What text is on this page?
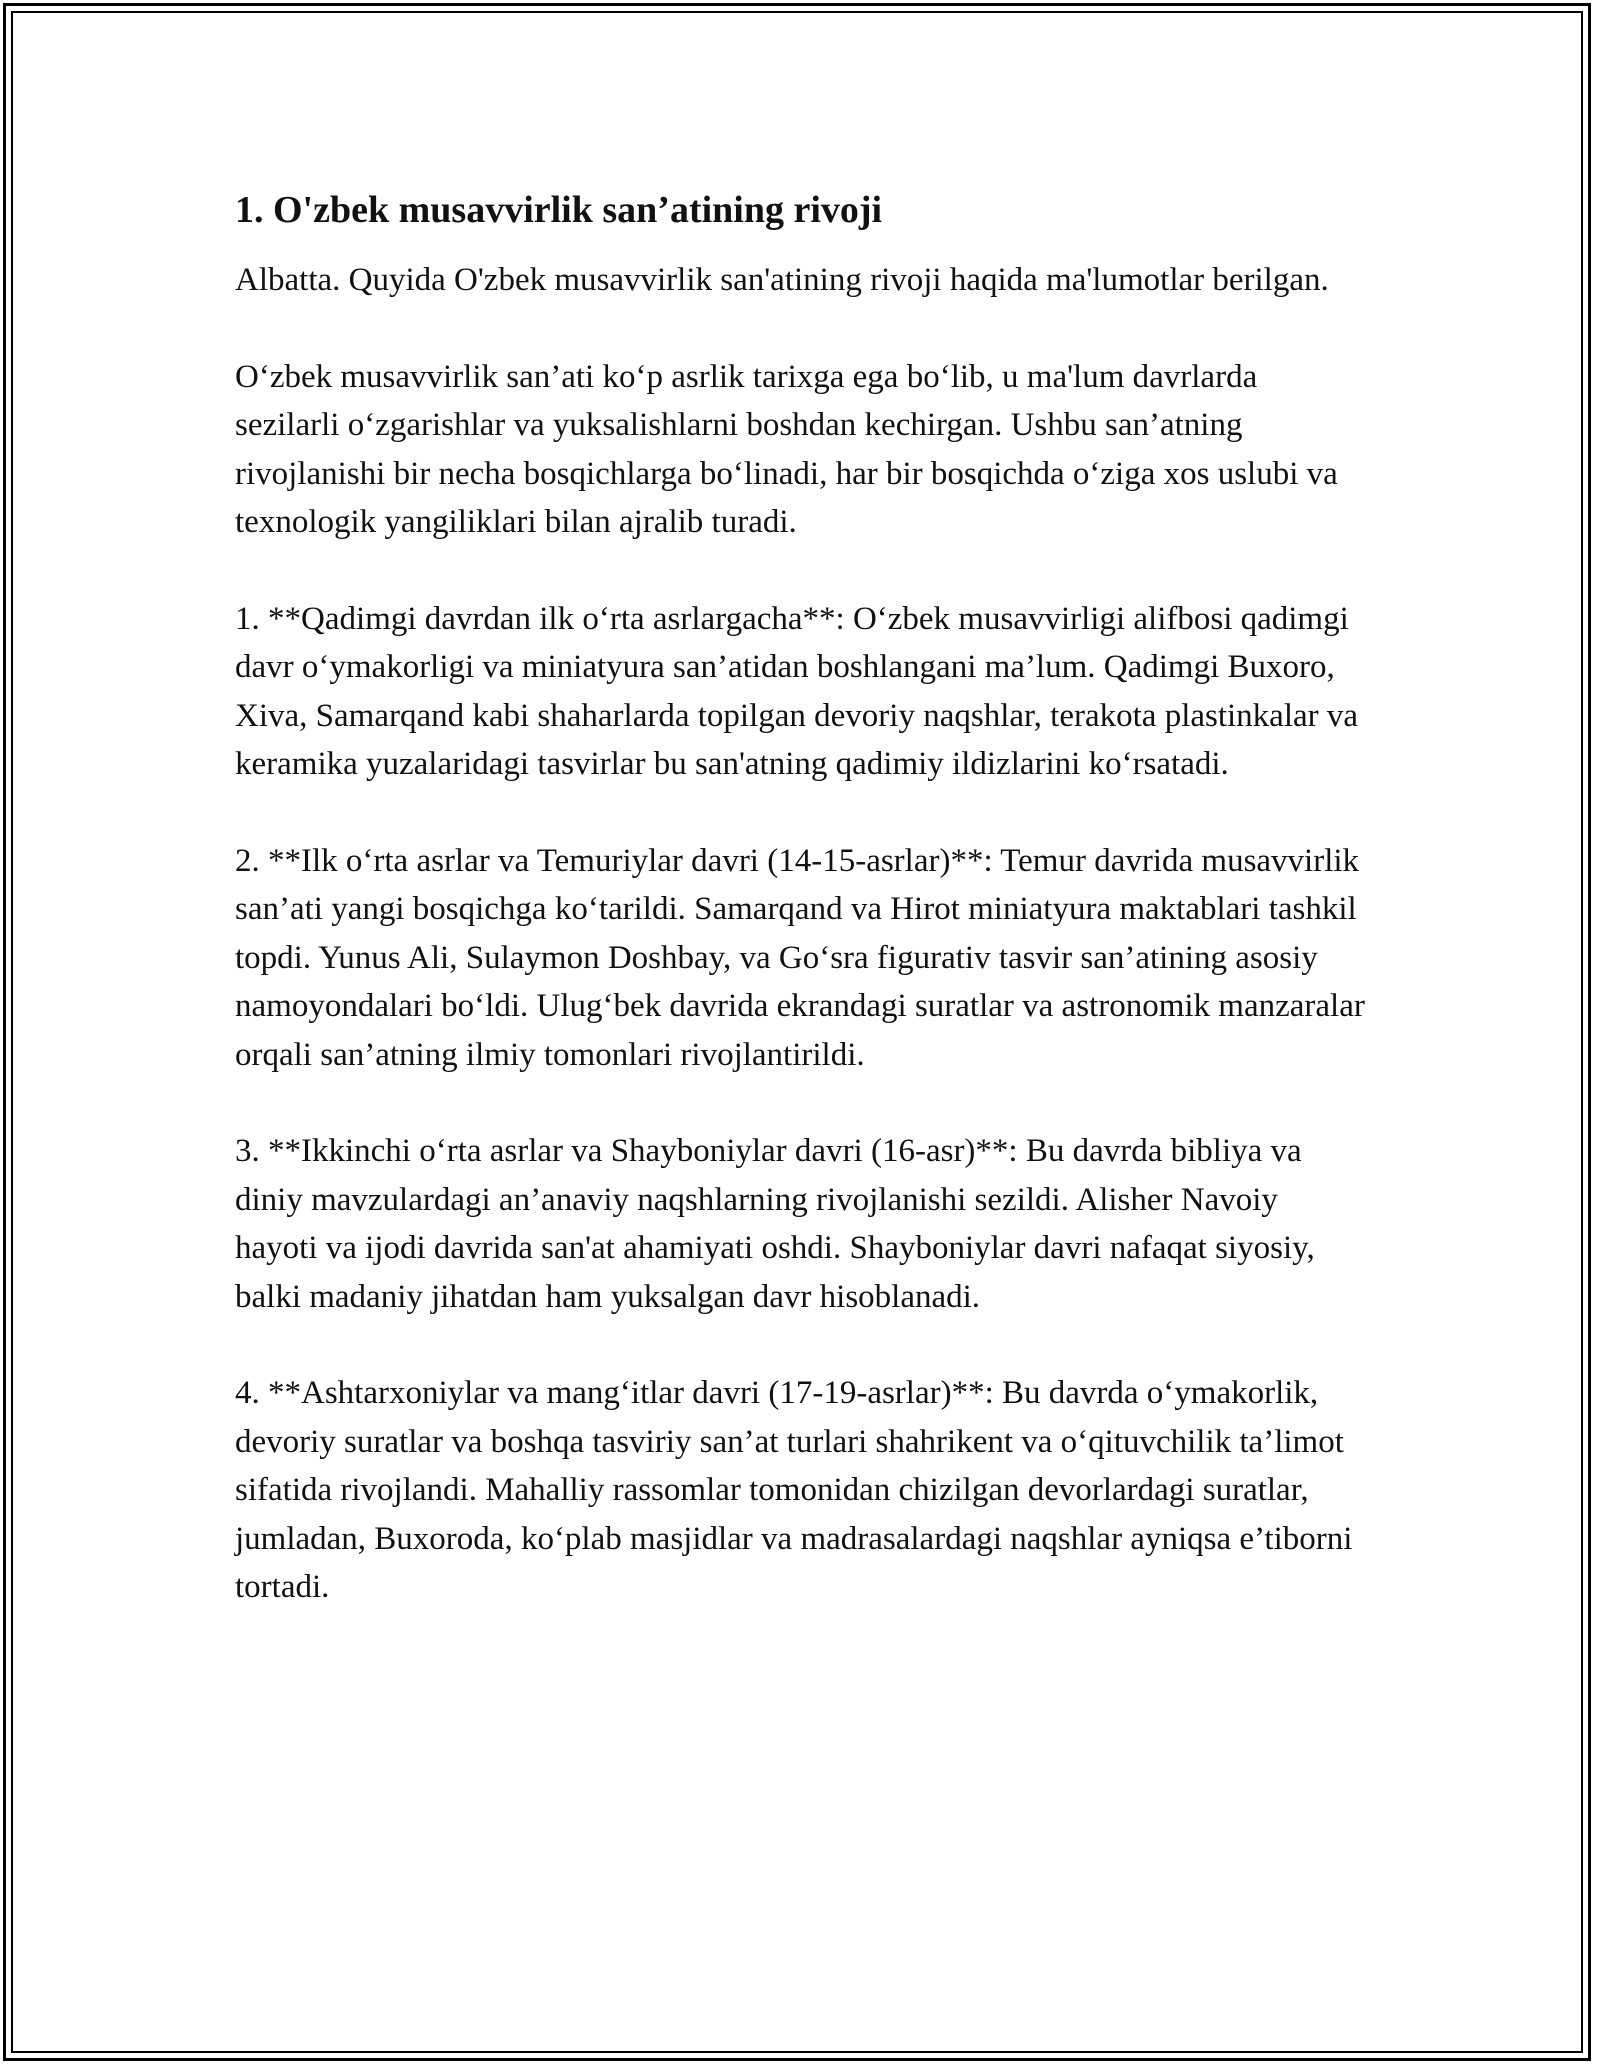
1. O'zbek musavvirlik san’atining rivoji

Albatta. Quyida O'zbek musavvirlik san'atining rivoji haqida ma'lumotlar berilgan.

O‘zbek musavvirlik san’ati ko‘p asrlik tarixga ega bo‘lib, u ma'lum davrlarda sezilarli o‘zgarishlar va yuksalishlarni boshdan kechirgan. Ushbu san’atning rivojlanishi bir necha bosqichlarga bo‘linadi, har bir bosqichda o‘ziga xos uslubi va texnologik yangiliklari bilan ajralib turadi.

1. **Qadimgi davrdan ilk o‘rta asrlargacha**: O‘zbek musavvirligi alifbosi qadimgi davr o‘ymakorligi va miniatyura san’atidan boshlangani ma’lum. Qadimgi Buxoro, Xiva, Samarqand kabi shaharlarda topilgan devoriy naqshlar, terakota plastinkalar va keramika yuzalaridagi tasvirlar bu san'atning qadimiy ildizlarini ko‘rsatadi.

2. **Ilk o‘rta asrlar va Temuriylar davri (14-15-asrlar)**: Temur davrida musavvirlik san’ati yangi bosqichga ko‘tarildi. Samarqand va Hirot miniatyura maktablari tashkil topdi. Yunus Ali, Sulaymon Doshbay, va Go‘sra figurativ tasvir san’atining asosiy namoyondalari bo‘ldi. Ulug‘bek davrida ekrandagi suratlar va astronomik manzaralar orqali san’atning ilmiy tomonlari rivojlantirildi.

3. **Ikkinchi o‘rta asrlar va Shayboniylar davri (16-asr)**: Bu davrda bibliya va diniy mavzulardagi an’anaviy naqshlarning rivojlanishi sezildi. Alisher Navoiy hayoti va ijodi davrida san'at ahamiyati oshdi. Shayboniylar davri nafaqat siyosiy, balki madaniy jihatdan ham yuksalgan davr hisoblanadi.

4. **Ashtarxoniylar va mang‘itlar davri (17-19-asrlar)**: Bu davrda o‘ymakorlik, devoriy suratlar va boshqa tasviriy san’at turlari shahrikent va o‘qituvchilik ta’limot sifatida rivojlandi. Mahalliy rassomlar tomonidan chizilgan devorlardagi suratlar, jumladan, Buxoroda, ko‘plab masjidlar va madrasalardagi naqshlar ayniqsa e’tiborni tortadi.
